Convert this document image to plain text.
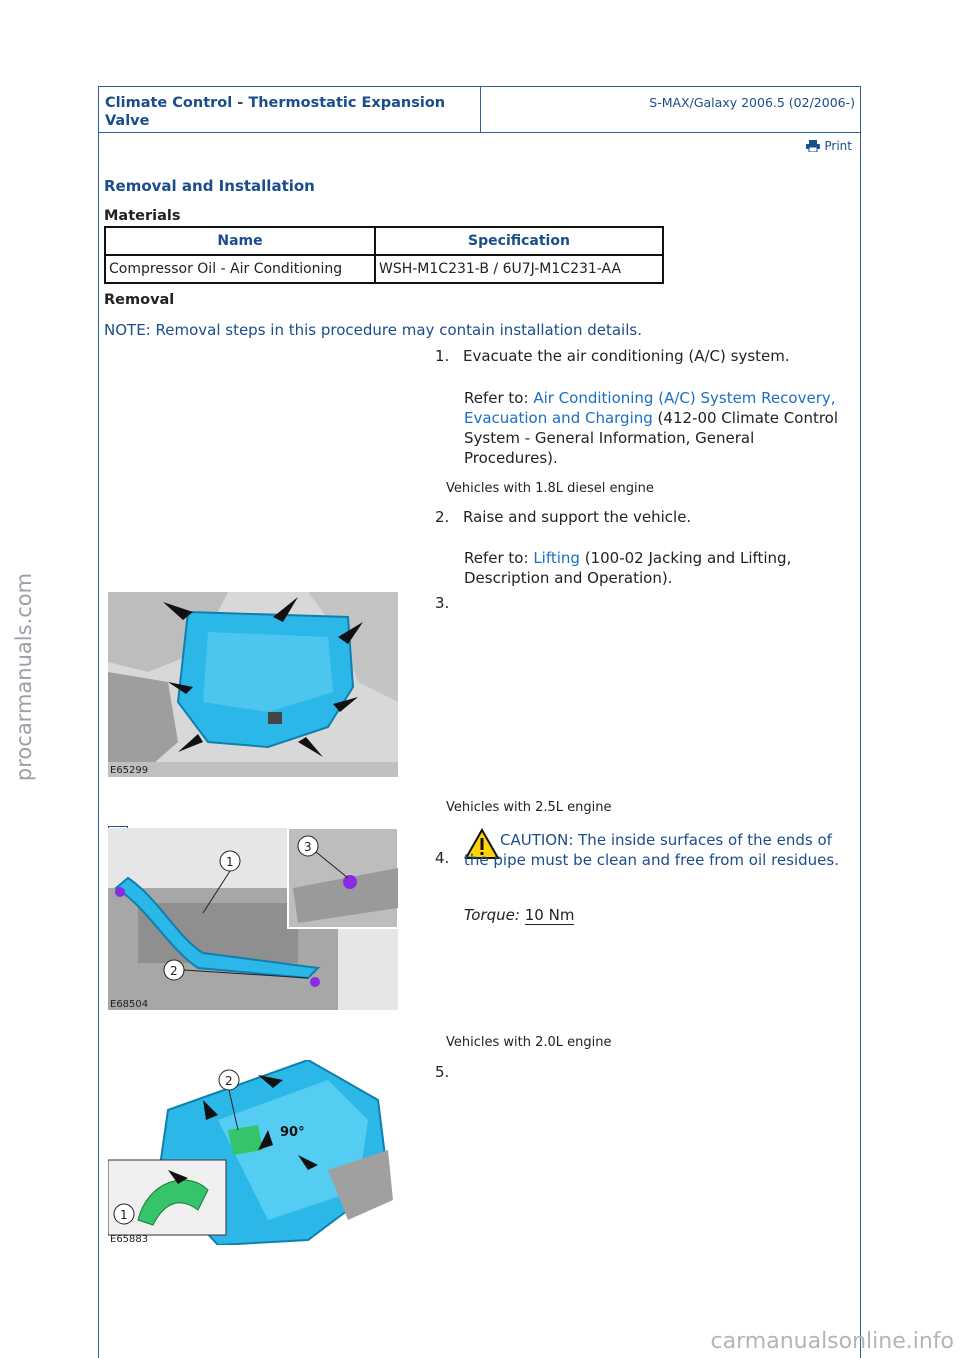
Climate Control - Thermostatic Expansion Valve
S-MAX/Galaxy 2006.5 (02/2006-)
Print
Removal and Installation
Materials
Name	Specification
Compressor Oil - Air Conditioning	WSH-M1C231-B / 6U7J-M1C231-AA
Removal
NOTE: Removal steps in this procedure may contain installation details.
1. Evacuate the air conditioning (A/C) system.
Refer to: Air Conditioning (A/C) System Recovery, Evacuation and Charging (412-00 Climate Control System - General Information, General Procedures).
Vehicles with 1.8L diesel engine
2. Raise and support the vehicle.
Refer to: Lifting (100-02 Jacking and Lifting, Description and Operation).
3.
E65299
Vehicles with 2.5L engine
1
2
3
E68504
4.
CAUTION: The inside surfaces of the ends of the pipe must be clean and free from oil residues.
Torque: 10 Nm
Vehicles with 2.0L engine
2
1
90°
E65883
5.
procarmanuals.com
carmanualsonline.info
